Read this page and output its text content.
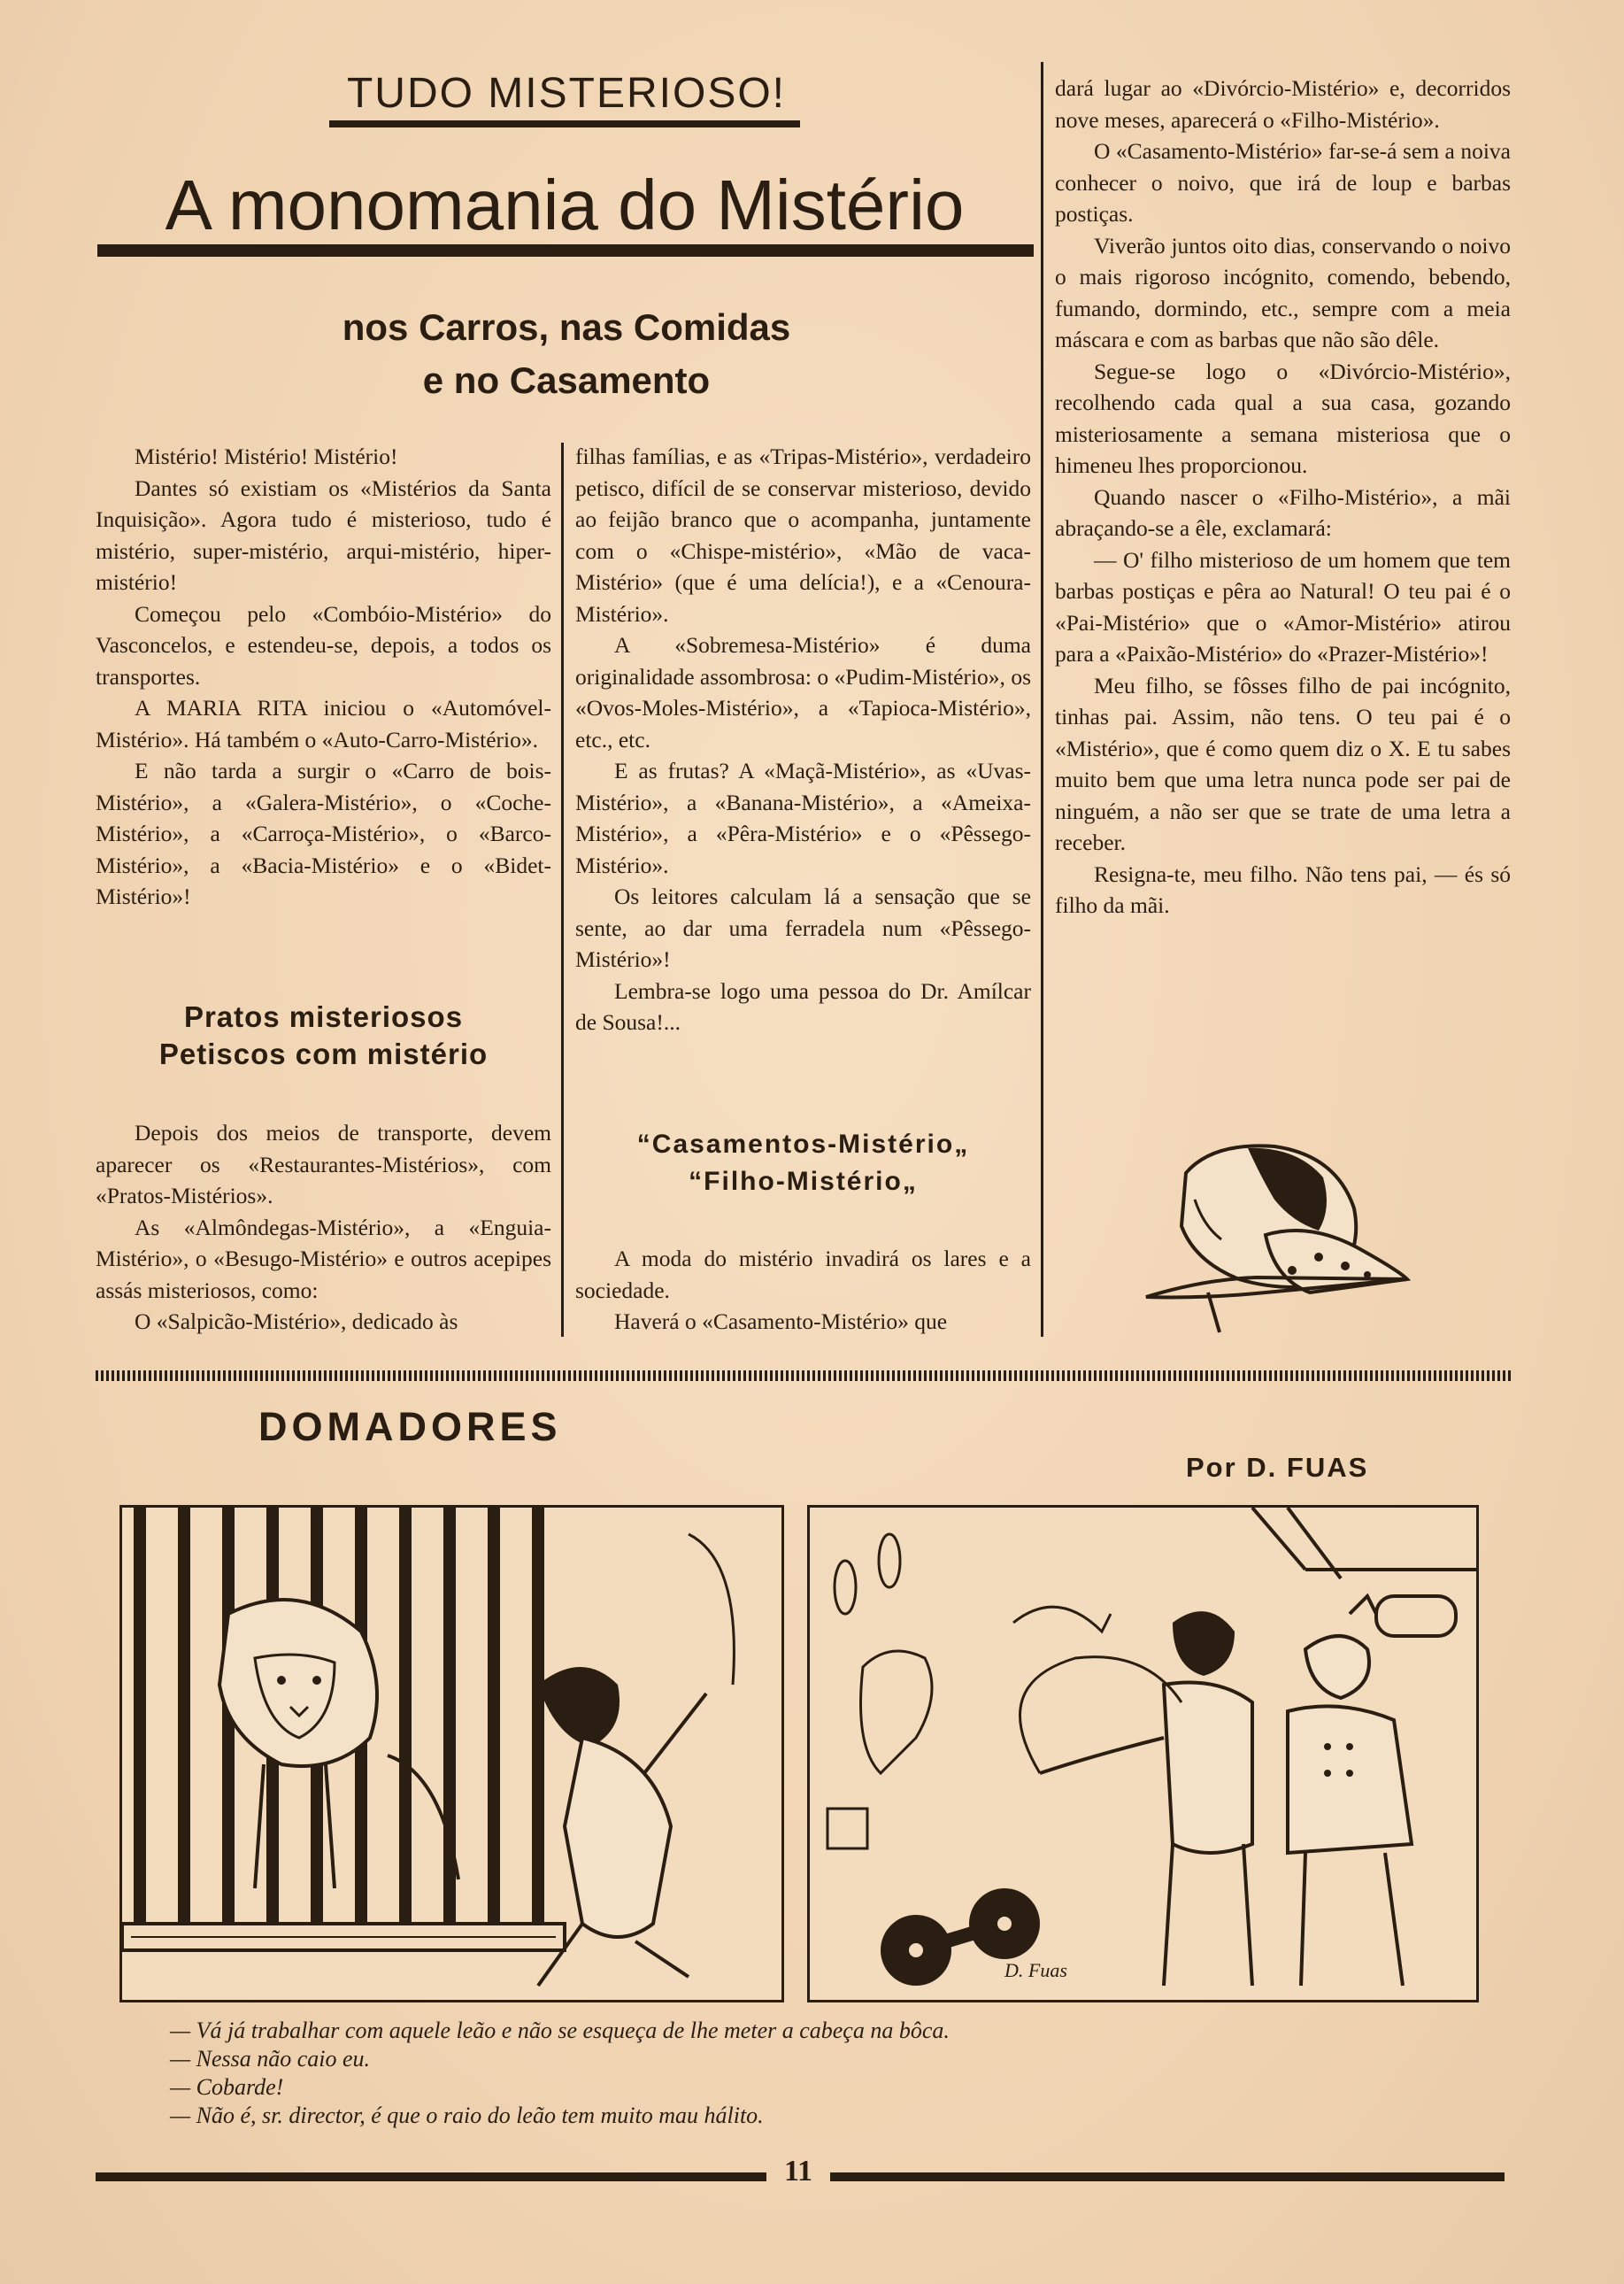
TUDO MISTERIOSO!
A monomania do Mistério
nos Carros, nas Comidas
e no Casamento

Mistério! Mistério! Mistério!

Dantes só existiam os «Mistérios da Santa Inquisição». Agora tudo é misterioso, tudo é mistério, super-mistério, arqui-mistério, hiper-mistério!

Começou pelo «Combóio-Mistério» do Vasconcelos, e estendeu-se, depois, a todos os transportes.

A MARIA RITA iniciou o «Automóvel-Mistério». Há também o «Auto-Carro-Mistério».

E não tarda a surgir o «Carro de bois-Mistério», a «Galera-Mistério», o «Coche-Mistério», a «Carroça-Mistério», o «Barco-Mistério», a «Bacia-Mistério» e o «Bidet-Mistério»!

Pratos misteriosos
Petiscos com mistério

Depois dos meios de transporte, devem aparecer os «Restaurantes-Mistérios», com «Pratos-Mistérios».

As «Almôndegas-Mistério», a «Enguia-Mistério», o «Besugo-Mistério» e outros acepipes assás misteriosos, como:

O «Salpicão-Mistério», dedicado às

filhas famílias, e as «Tripas-Mistério», verdadeiro petisco, difícil de se conservar misterioso, devido ao feijão branco que o acompanha, juntamente com o «Chispe-mistério», «Mão de vaca-Mistério» (que é uma delícia!), e a «Cenoura-Mistério».

A «Sobremesa-Mistério» é duma originalidade assombrosa: o «Pudim-Mistério», os «Ovos-Moles-Mistério», a «Tapioca-Mistério», etc., etc.

E as frutas? A «Maçã-Mistério», as «Uvas-Mistério», a «Banana-Mistério», a «Ameixa-Mistério», a «Pêra-Mistério» e o «Pêssego-Mistério».

Os leitores calculam lá a sensação que se sente, ao dar uma ferradela num «Pêssego-Mistério»!

Lembra-se logo uma pessoa do Dr. Amílcar de Sousa!...

“Casamentos-Mistério„
“Filho-Mistério„

A moda do mistério invadirá os lares e a sociedade.

Haverá o «Casamento-Mistério» que

dará lugar ao «Divórcio-Mistério» e, decorridos nove meses, aparecerá o «Filho-Mistério».

O «Casamento-Mistério» far-se-á sem a noiva conhecer o noivo, que irá de loup e barbas postiças.

Viverão juntos oito dias, conservando o noivo o mais rigoroso incógnito, comendo, bebendo, fumando, dormindo, etc., sempre com a meia máscara e com as barbas que não são dêle.

Segue-se logo o «Divórcio-Mistério», recolhendo cada qual a sua casa, gozando misteriosamente a semana misteriosa que o himeneu lhes proporcionou.

Quando nascer o «Filho-Mistério», a mãi abraçando-se a êle, exclamará:

— O' filho misterioso de um homem que tem barbas postiças e pêra ao Natural! O teu pai é o «Pai-Mistério» que o «Amor-Mistério» atirou para a «Paixão-Mistério» do «Prazer-Mistério»!

Meu filho, se fôsses filho de pai incógnito, tinhas pai. Assim, não tens. O teu pai é o «Mistério», que é como quem diz o X. E tu sabes muito bem que uma letra nunca pode ser pai de ninguém, a não ser que se trate de uma letra a receber.

Resigna-te, meu filho. Não tens pai, — és só filho da mãi.

DOMADORES
Por D. FUAS
D. Fuas
— Vá já trabalhar com aquele leão e não se esqueça de lhe meter a cabeça na bôca.
— Nessa não caio eu.
— Cobarde!
— Não é, sr. director, é que o raio do leão tem muito mau hálito.
11
